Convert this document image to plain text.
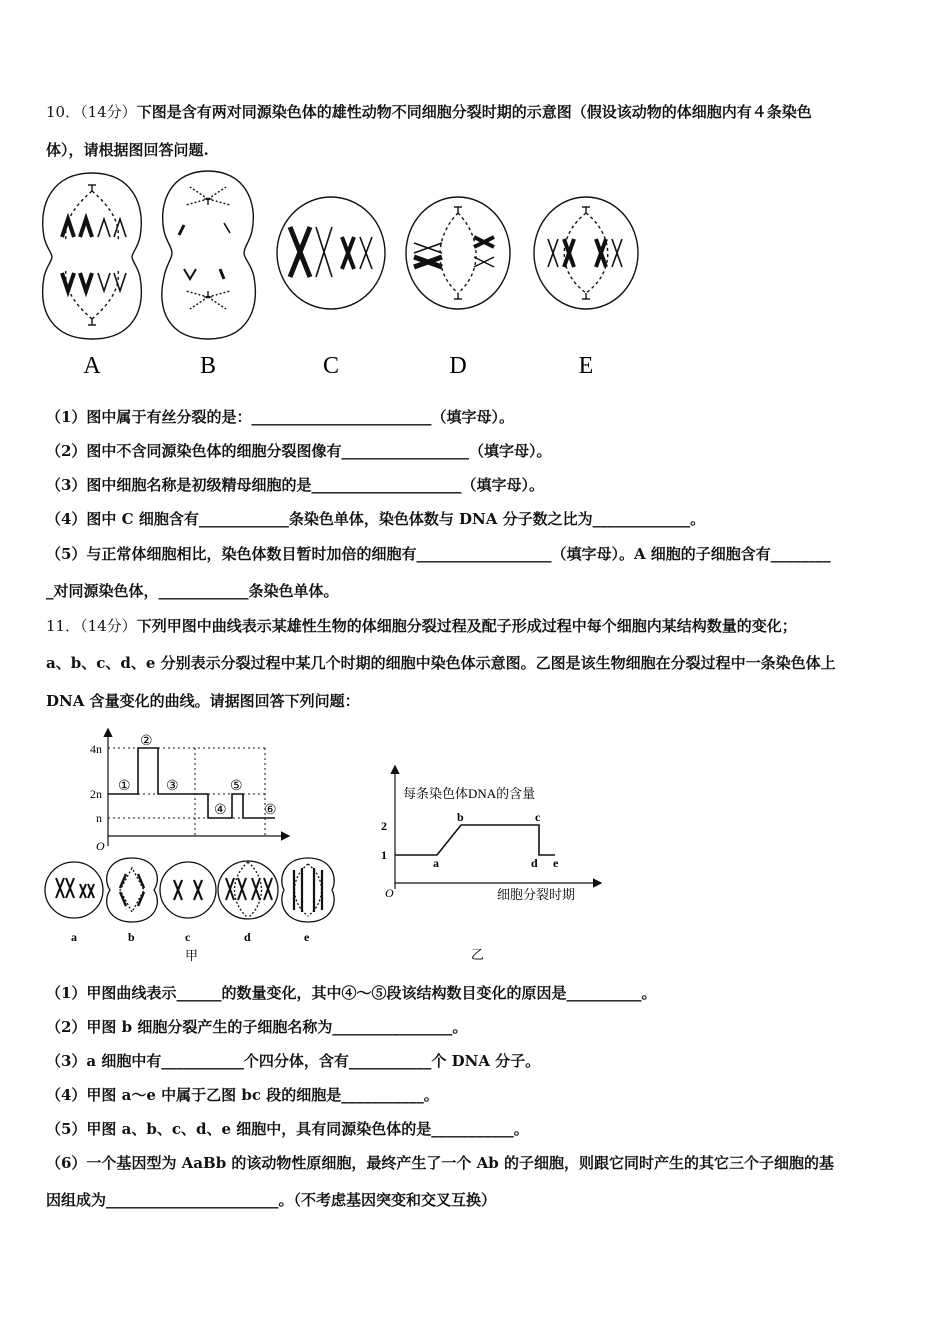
10．（14分）下图是含有两对同源染色体的雄性动物不同细胞分裂时期的示意图（假设该动物的体细胞内有４条染色
体），请根据图回答问题.
A	B	C	D	E
（1）图中属于有丝分裂的是：________________________（填字母）。
（2）图中不含同源染色体的细胞分裂图像有_________________（填字母）。
（3）图中细胞名称是初级精母细胞的是____________________（填字母）。
（4）图中 C 细胞含有____________条染色单体，染色体数与 DNA 分子数之比为_____________。
（5）与正常体细胞相比，染色体数目暂时加倍的细胞有__________________（填字母）。A 细胞的子细胞含有________
_对同源染色体，____________条染色单体。
11．（14分）下列甲图中曲线表示某雄性生物的体细胞分裂过程及配子形成过程中每个细胞内某结构数量的变化；
a、b、c、d、e 分别表示分裂过程中某几个时期的细胞中染色体示意图。乙图是该生物细胞在分裂过程中一条染色体上
DNA 含量变化的曲线。请据图回答下列问题：
4n
2n
n
O
①
②
③
④
⑤
⑥
a	b	c	d	e
甲
每条染色体DNA的含量
2
1
O
a
b	c
d e
细胞分裂时期
乙
（1）甲图曲线表示______的数量变化，其中④～⑤段该结构数目变化的原因是__________。
（2）甲图 b 细胞分裂产生的子细胞名称为________________。
（3）a 细胞中有___________个四分体，含有___________个 DNA 分子。
（4）甲图 a～e 中属于乙图 bc 段的细胞是___________。
（5）甲图 a、b、c、d、e 细胞中，具有同源染色体的是___________。
（6）一个基因型为 AaBb 的该动物性原细胞，最终产生了一个 Ab 的子细胞，则跟它同时产生的其它三个子细胞的基
因组成为_______________________。（不考虑基因突变和交叉互换）
